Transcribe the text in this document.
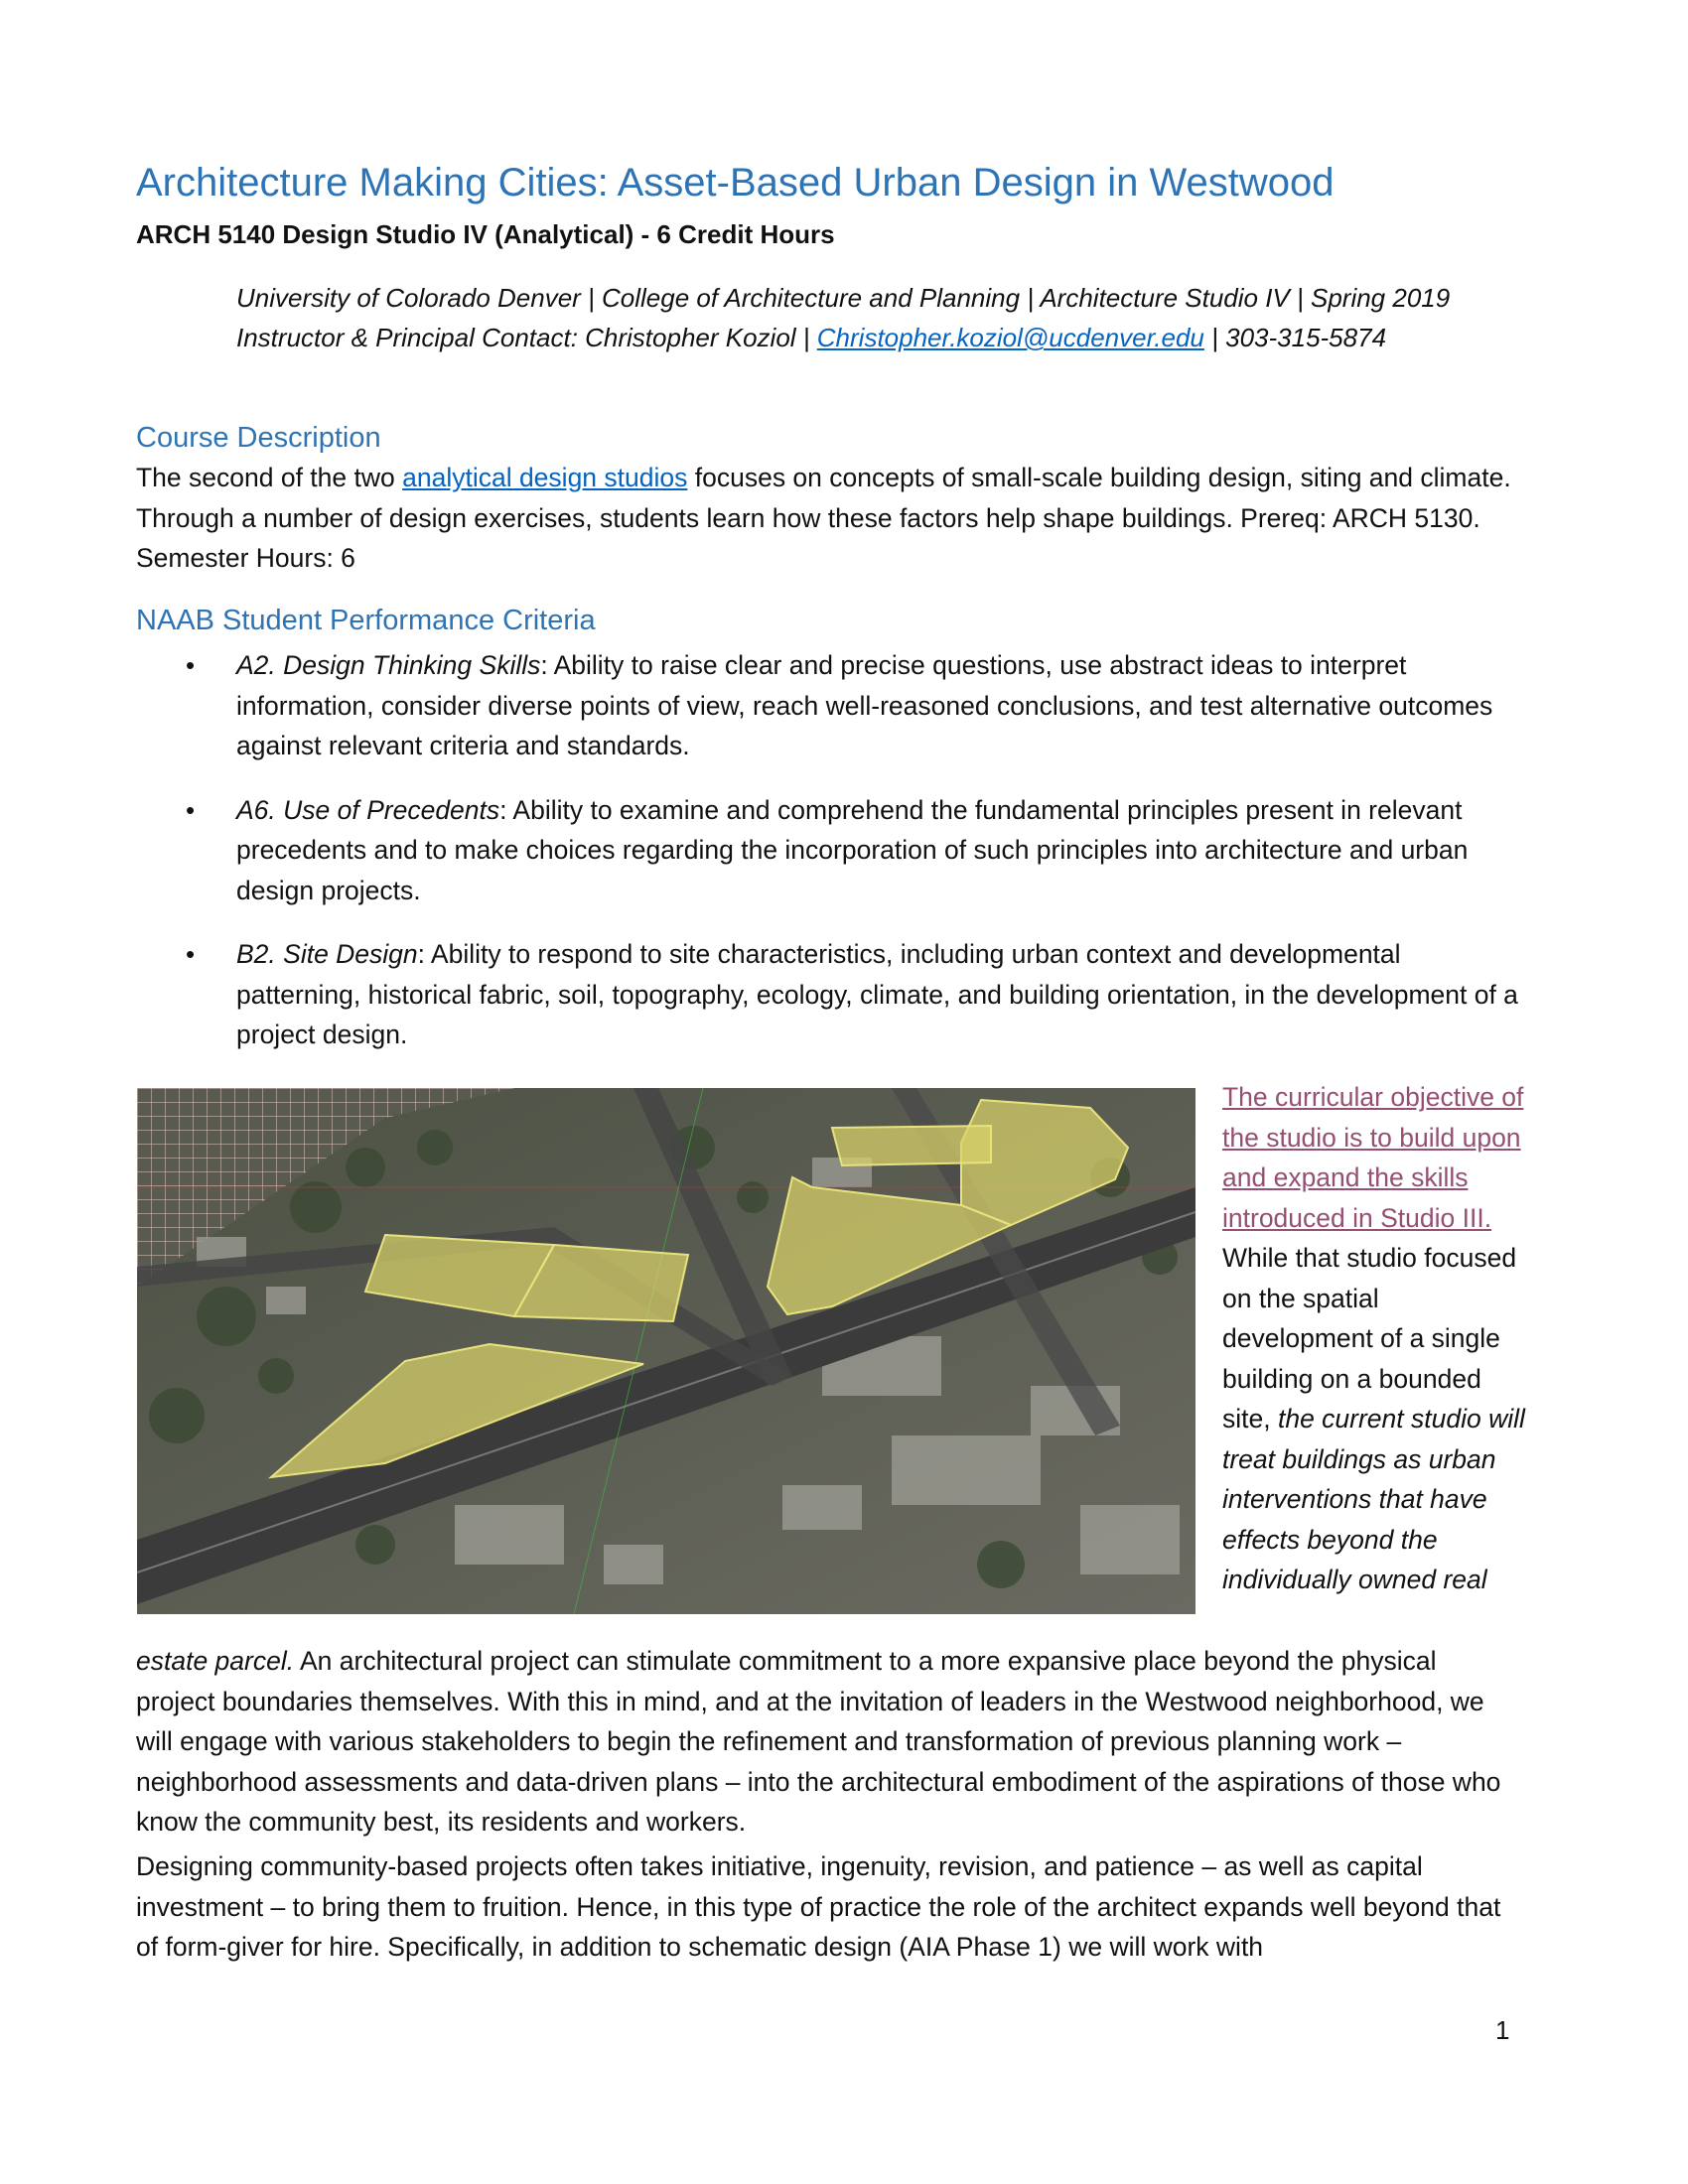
Architecture Making Cities: Asset-Based Urban Design in Westwood

ARCH 5140 Design Studio IV (Analytical) - 6 Credit Hours

University of Colorado Denver | College of Architecture and Planning | Architecture Studio IV | Spring 2019

Instructor & Principal Contact: Christopher Koziol | Christopher.koziol@ucdenver.edu | 303-315-5874

Course Description

The second of the two analytical design studios focuses on concepts of small-scale building design, siting and climate. Through a number of design exercises, students learn how these factors help shape buildings. Prereq: ARCH 5130. Semester Hours: 6

NAAB Student Performance Criteria
• A2. Design Thinking Skills: Ability to raise clear and precise questions, use abstract ideas to interpret information, consider diverse points of view, reach well-reasoned conclusions, and test alternative outcomes against relevant criteria and standards.
• A6. Use of Precedents: Ability to examine and comprehend the fundamental principles present in relevant precedents and to make choices regarding the incorporation of such principles into architecture and urban design projects.
• B2. Site Design: Ability to respond to site characteristics, including urban context and developmental patterning, historical fabric, soil, topography, ecology, climate, and building orientation, in the development of a project design.

The curricular objective of the studio is to build upon and expand the skills introduced in Studio III. While that studio focused on the spatial development of a single building on a bounded site, the current studio will treat buildings as urban interventions that have effects beyond the individually owned real

estate parcel. An architectural project can stimulate commitment to a more expansive place beyond the physical project boundaries themselves. With this in mind, and at the invitation of leaders in the Westwood neighborhood, we will engage with various stakeholders to begin the refinement and transformation of previous planning work – neighborhood assessments and data-driven plans – into the architectural embodiment of the aspirations of those who know the community best, its residents and workers.

Designing community-based projects often takes initiative, ingenuity, revision, and patience – as well as capital investment – to bring them to fruition. Hence, in this type of practice the role of the architect expands well beyond that of form-giver for hire. Specifically, in addition to schematic design (AIA Phase 1) we will work with

1
